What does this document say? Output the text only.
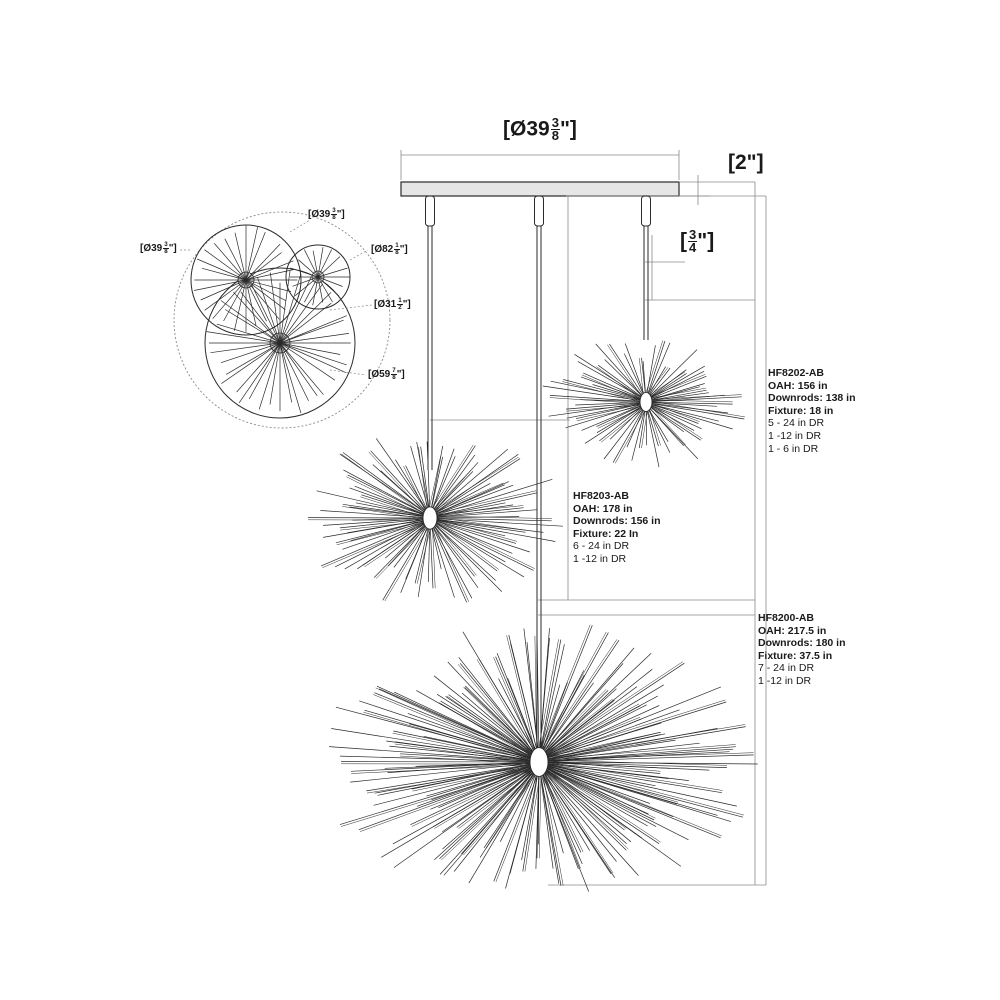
[Ø39 $\frac{3}{8}$ "]
[2"]
[ $\frac{3}{4}$ "]
[Ø39 $\frac{3}{8}$ "]
[Ø39 $\frac{3}{8}$ "]	[Ø82 $\frac{1}{8}$ "]
[Ø31 $\frac{1}{2}$ "]
[Ø59 $\frac{7}{8}$ "]	HF8202-AB
OAH: 156 in
Downrods: 138 in
Fixture: 18 in
5 - 24 in DR
1 -12 in DR
1 - 6 in DR
HF8203-AB
OAH: 178 in
Downrods: 156 in
Fixture: 22 In
6 - 24 in DR
1 -12 in DR
HF8200-AB
OAH: 217.5 in
Downrods: 180 in
Fixture: 37.5 in
7 - 24 in DR
1 -12 in DR
